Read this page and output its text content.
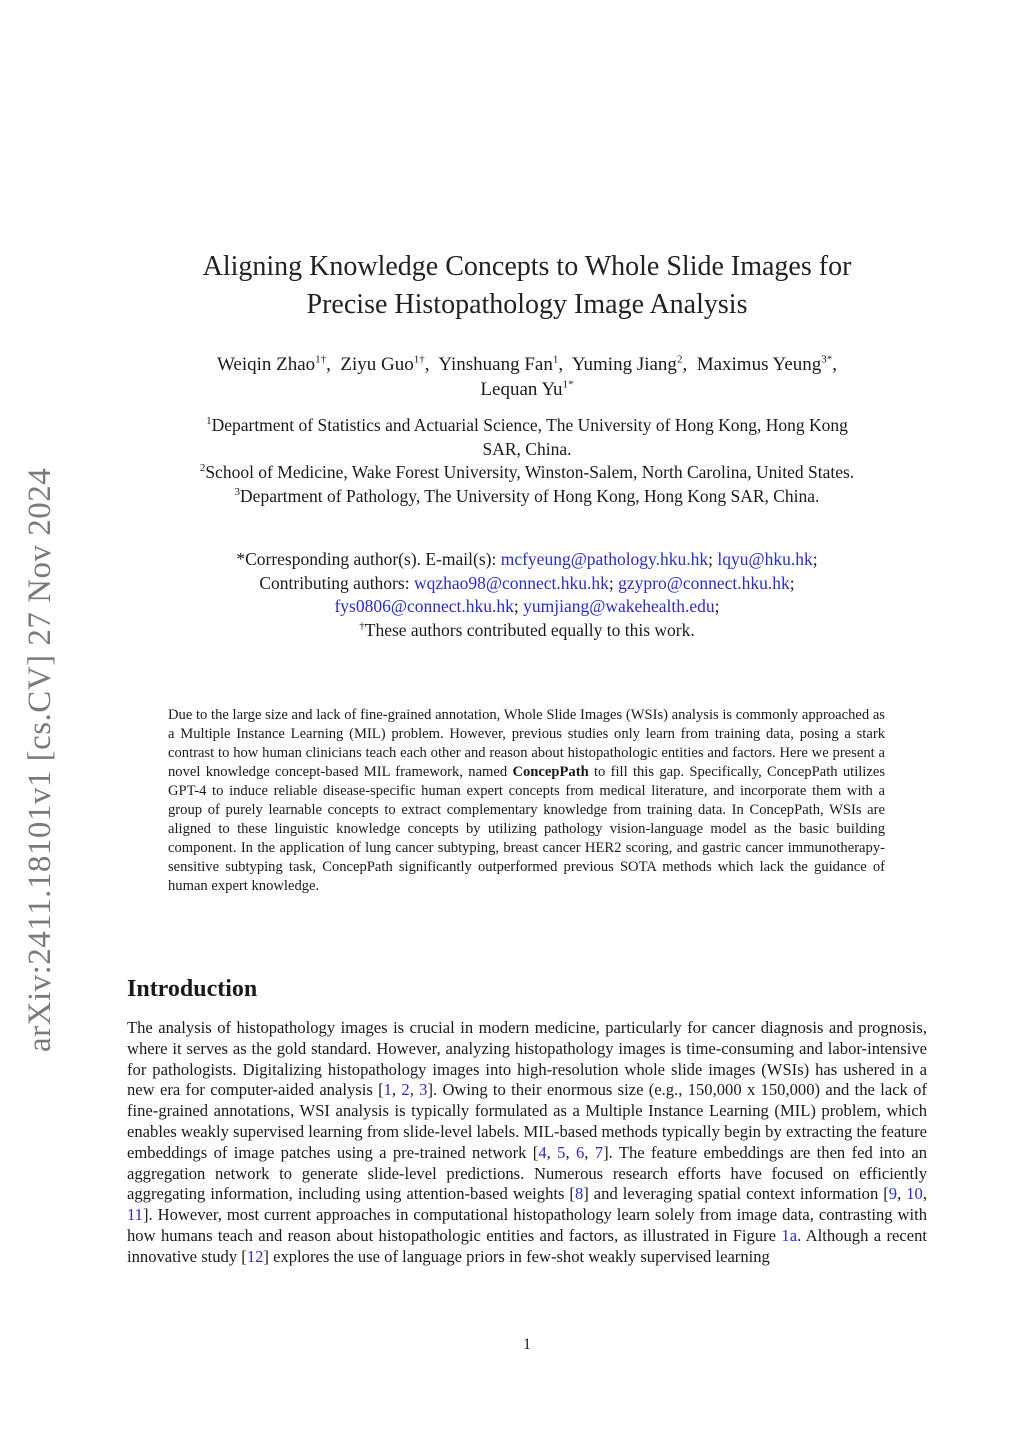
arXiv:2411.18101v1 [cs.CV] 27 Nov 2024
Aligning Knowledge Concepts to Whole Slide Images for
Precise Histopathology Image Analysis
Weiqin Zhao$^{1\dagger}$,  Ziyu Guo$^{1\dagger}$,  Yinshuang Fan$^1$,  Yuming Jiang$^2$,  Maximus Yeung$^{3*}$,
Lequan $Yu^{1*}$
$^1$Department of Statistics and Actuarial Science, The University of Hong Kong, Hong Kong
SAR, China.
$^2$School of Medicine, Wake Forest University, Winston-Salem, North Carolina, United States.
$^3$Department of Pathology, The University of Hong Kong, Hong Kong SAR, China.
*Corresponding author(s). E-mail(s): mcfyeung@pathology.hku.hk; lqyu@hku.hk;
Contributing authors: wqzhao98@connect.hku.hk; gzypro@connect.hku.hk;
fys0806@connect.hku.hk; yumjiang@wakehealth.edu;
†These authors contributed equally to this work.
Due to the large size and lack of fine-grained annotation, Whole Slide Images (WSIs) analysis is commonly approached as a Multiple Instance Learning (MIL) problem. However, previous studies only learn from training data, posing a stark contrast to how human clinicians teach each other and reason about histopathologic entities and factors. Here we present a novel knowledge concept-based MIL framework, named ConcepPath to fill this gap. Specifically, ConcepPath utilizes GPT-4 to induce reliable disease-specific human expert concepts from medical literature, and incorporate them with a group of purely learnable concepts to extract complementary knowledge from training data. In ConcepPath, WSIs are aligned to these linguistic knowledge concepts by utilizing pathology vision-language model as the basic building component. In the application of lung cancer subtyping, breast cancer HER2 scoring, and gastric cancer immunotherapy-sensitive subtyping task, ConcepPath significantly outperformed previous SOTA methods which lack the guidance of human expert knowledge.
Introduction
The analysis of histopathology images is crucial in modern medicine, particularly for cancer diagnosis and prognosis, where it serves as the gold standard. However, analyzing histopathology images is time-consuming and labor-intensive for pathologists. Digitalizing histopathology images into high-resolution whole slide images (WSIs) has ushered in a new era for computer-aided analysis [1, 2, 3]. Owing to their enormous size (e.g., 150,000 x 150,000) and the lack of fine-grained annotations, WSI analysis is typically formulated as a Multiple Instance Learning (MIL) problem, which enables weakly supervised learning from slide-level labels. MIL-based methods typically begin by extracting the feature embeddings of image patches using a pre-trained network [4, 5, 6, 7]. The feature embeddings are then fed into an aggregation network to generate slide-level predictions. Numerous research efforts have focused on efficiently aggregating information, including using attention-based weights [8] and leveraging spatial context information [9, 10, 11]. However, most current approaches in computational histopathology learn solely from image data, contrasting with how humans teach and reason about histopathologic entities and factors, as illustrated in Figure 1a. Although a recent innovative study [12] explores the use of language priors in few-shot weakly supervised learning
1
